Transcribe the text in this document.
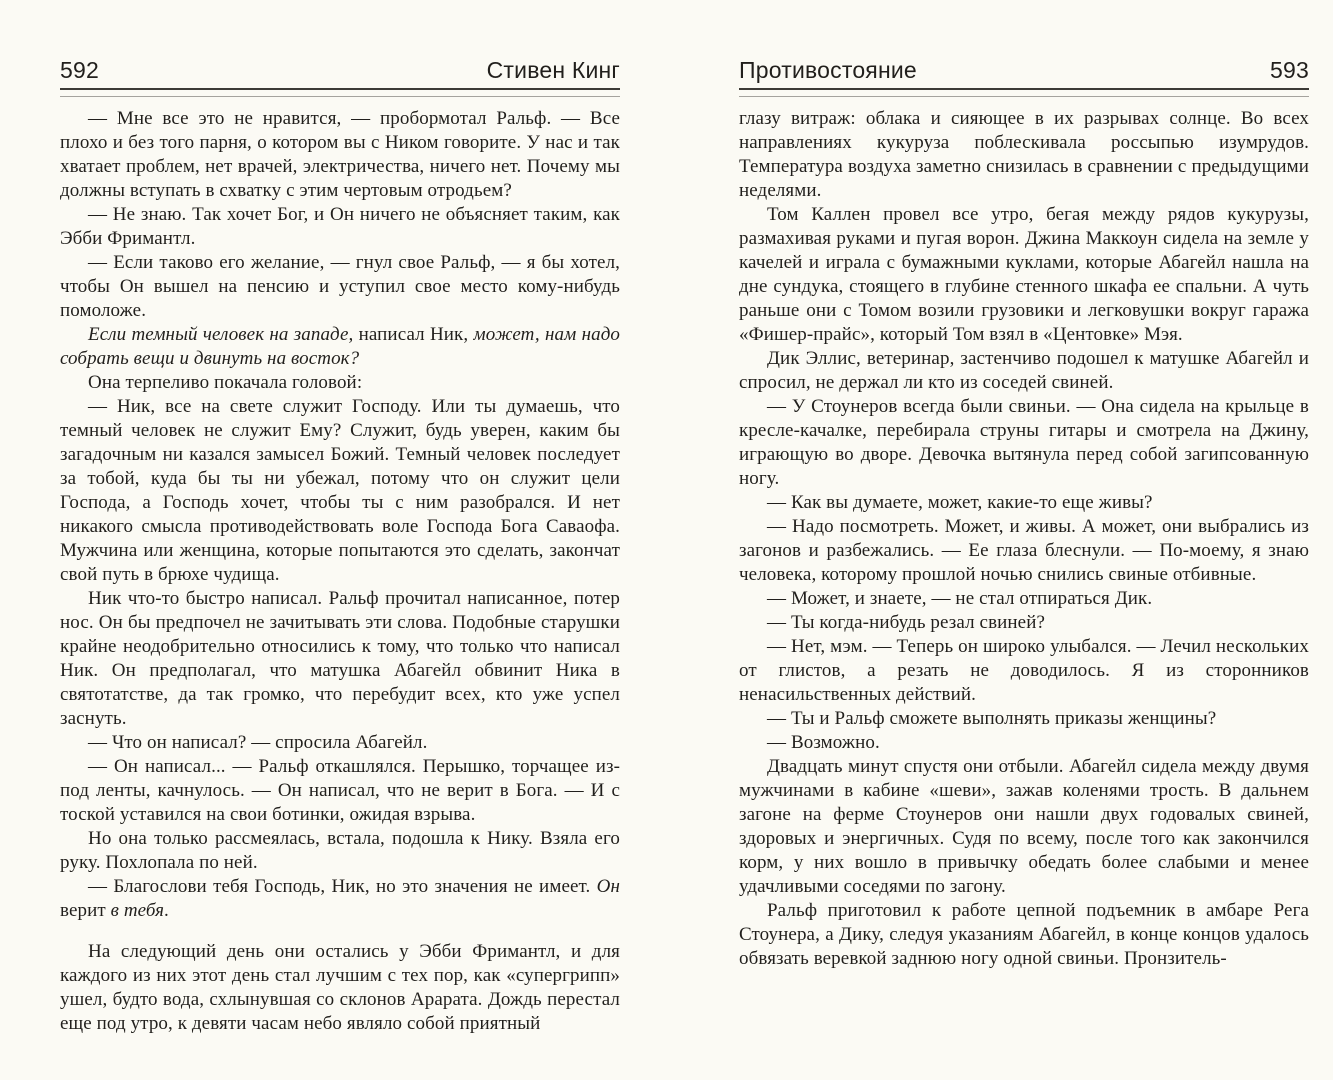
592	Стивен Кинг

— Мне все это не нравится, — пробормотал Ральф. — Все плохо и без того парня, о котором вы с Ником говорите. У нас и так хватает проблем, нет врачей, электричества, ничего нет. Почему мы должны вступать в схватку с этим чертовым отродьем?

— Не знаю. Так хочет Бог, и Он ничего не объясняет таким, как Эбби Фримантл.

— Если таково его желание, — гнул свое Ральф, — я бы хотел, чтобы Он вышел на пенсию и уступил свое место кому-нибудь помоложе.

Если темный человек на западе, написал Ник, может, нам надо собрать вещи и двинуть на восток?

Она терпеливо покачала головой:

— Ник, все на свете служит Господу. Или ты думаешь, что темный человек не служит Ему? Служит, будь уверен, каким бы загадочным ни казался замысел Божий. Темный человек последует за тобой, куда бы ты ни убежал, потому что он служит цели Господа, а Господь хочет, чтобы ты с ним разобрался. И нет никакого смысла противодействовать воле Господа Бога Саваофа. Мужчина или женщина, которые попытаются это сделать, закончат свой путь в брюхе чудища.

Ник что-то быстро написал. Ральф прочитал написанное, потер нос. Он бы предпочел не зачитывать эти слова. Подобные старушки крайне неодобрительно относились к тому, что только что написал Ник. Он предполагал, что матушка Абагейл обвинит Ника в святотатстве, да так громко, что перебудит всех, кто уже успел заснуть.

— Что он написал? — спросила Абагейл.

— Он написал... — Ральф откашлялся. Перышко, торчащее из-под ленты, качнулось. — Он написал, что не верит в Бога. — И с тоской уставился на свои ботинки, ожидая взрыва.

Но она только рассмеялась, встала, подошла к Нику. Взяла его руку. Похлопала по ней.

— Благослови тебя Господь, Ник, но это значения не имеет. Он верит в тебя.

На следующий день они остались у Эбби Фримантл, и для каждого из них этот день стал лучшим с тех пор, как «супергрипп» ушел, будто вода, схлынувшая со склонов Арарата. Дождь перестал еще под утро, к девяти часам небо являло собой приятный

Противостояние	593

глазу витраж: облака и сияющее в их разрывах солнце. Во всех направлениях кукуруза поблескивала россыпью изумрудов. Температура воздуха заметно снизилась в сравнении с предыдущими неделями.

Том Каллен провел все утро, бегая между рядов кукурузы, размахивая руками и пугая ворон. Джина Маккоун сидела на земле у качелей и играла с бумажными куклами, которые Абагейл нашла на дне сундука, стоящего в глубине стенного шкафа ее спальни. А чуть раньше они с Томом возили грузовики и легковушки вокруг гаража «Фишер-прайс», который Том взял в «Центовке» Мэя.

Дик Эллис, ветеринар, застенчиво подошел к матушке Абагейл и спросил, не держал ли кто из соседей свиней.

— У Стоунеров всегда были свиньи. — Она сидела на крыльце в кресле-качалке, перебирала струны гитары и смотрела на Джину, играющую во дворе. Девочка вытянула перед собой загипсованную ногу.

— Как вы думаете, может, какие-то еще живы?

— Надо посмотреть. Может, и живы. А может, они выбрались из загонов и разбежались. — Ее глаза блеснули. — По-моему, я знаю человека, которому прошлой ночью снились свиные отбивные.

— Может, и знаете, — не стал отпираться Дик.

— Ты когда-нибудь резал свиней?

— Нет, мэм. — Теперь он широко улыбался. — Лечил нескольких от глистов, а резать не доводилось. Я из сторонников ненасильственных действий.

— Ты и Ральф сможете выполнять приказы женщины?

— Возможно.

Двадцать минут спустя они отбыли. Абагейл сидела между двумя мужчинами в кабине «шеви», зажав коленями трость. В дальнем загоне на ферме Стоунеров они нашли двух годовалых свиней, здоровых и энергичных. Судя по всему, после того как закончился корм, у них вошло в привычку обедать более слабыми и менее удачливыми соседями по загону.

Ральф приготовил к работе цепной подъемник в амбаре Рега Стоунера, а Дику, следуя указаниям Абагейл, в конце концов удалось обвязать веревкой заднюю ногу одной свиньи. Пронзитель-
